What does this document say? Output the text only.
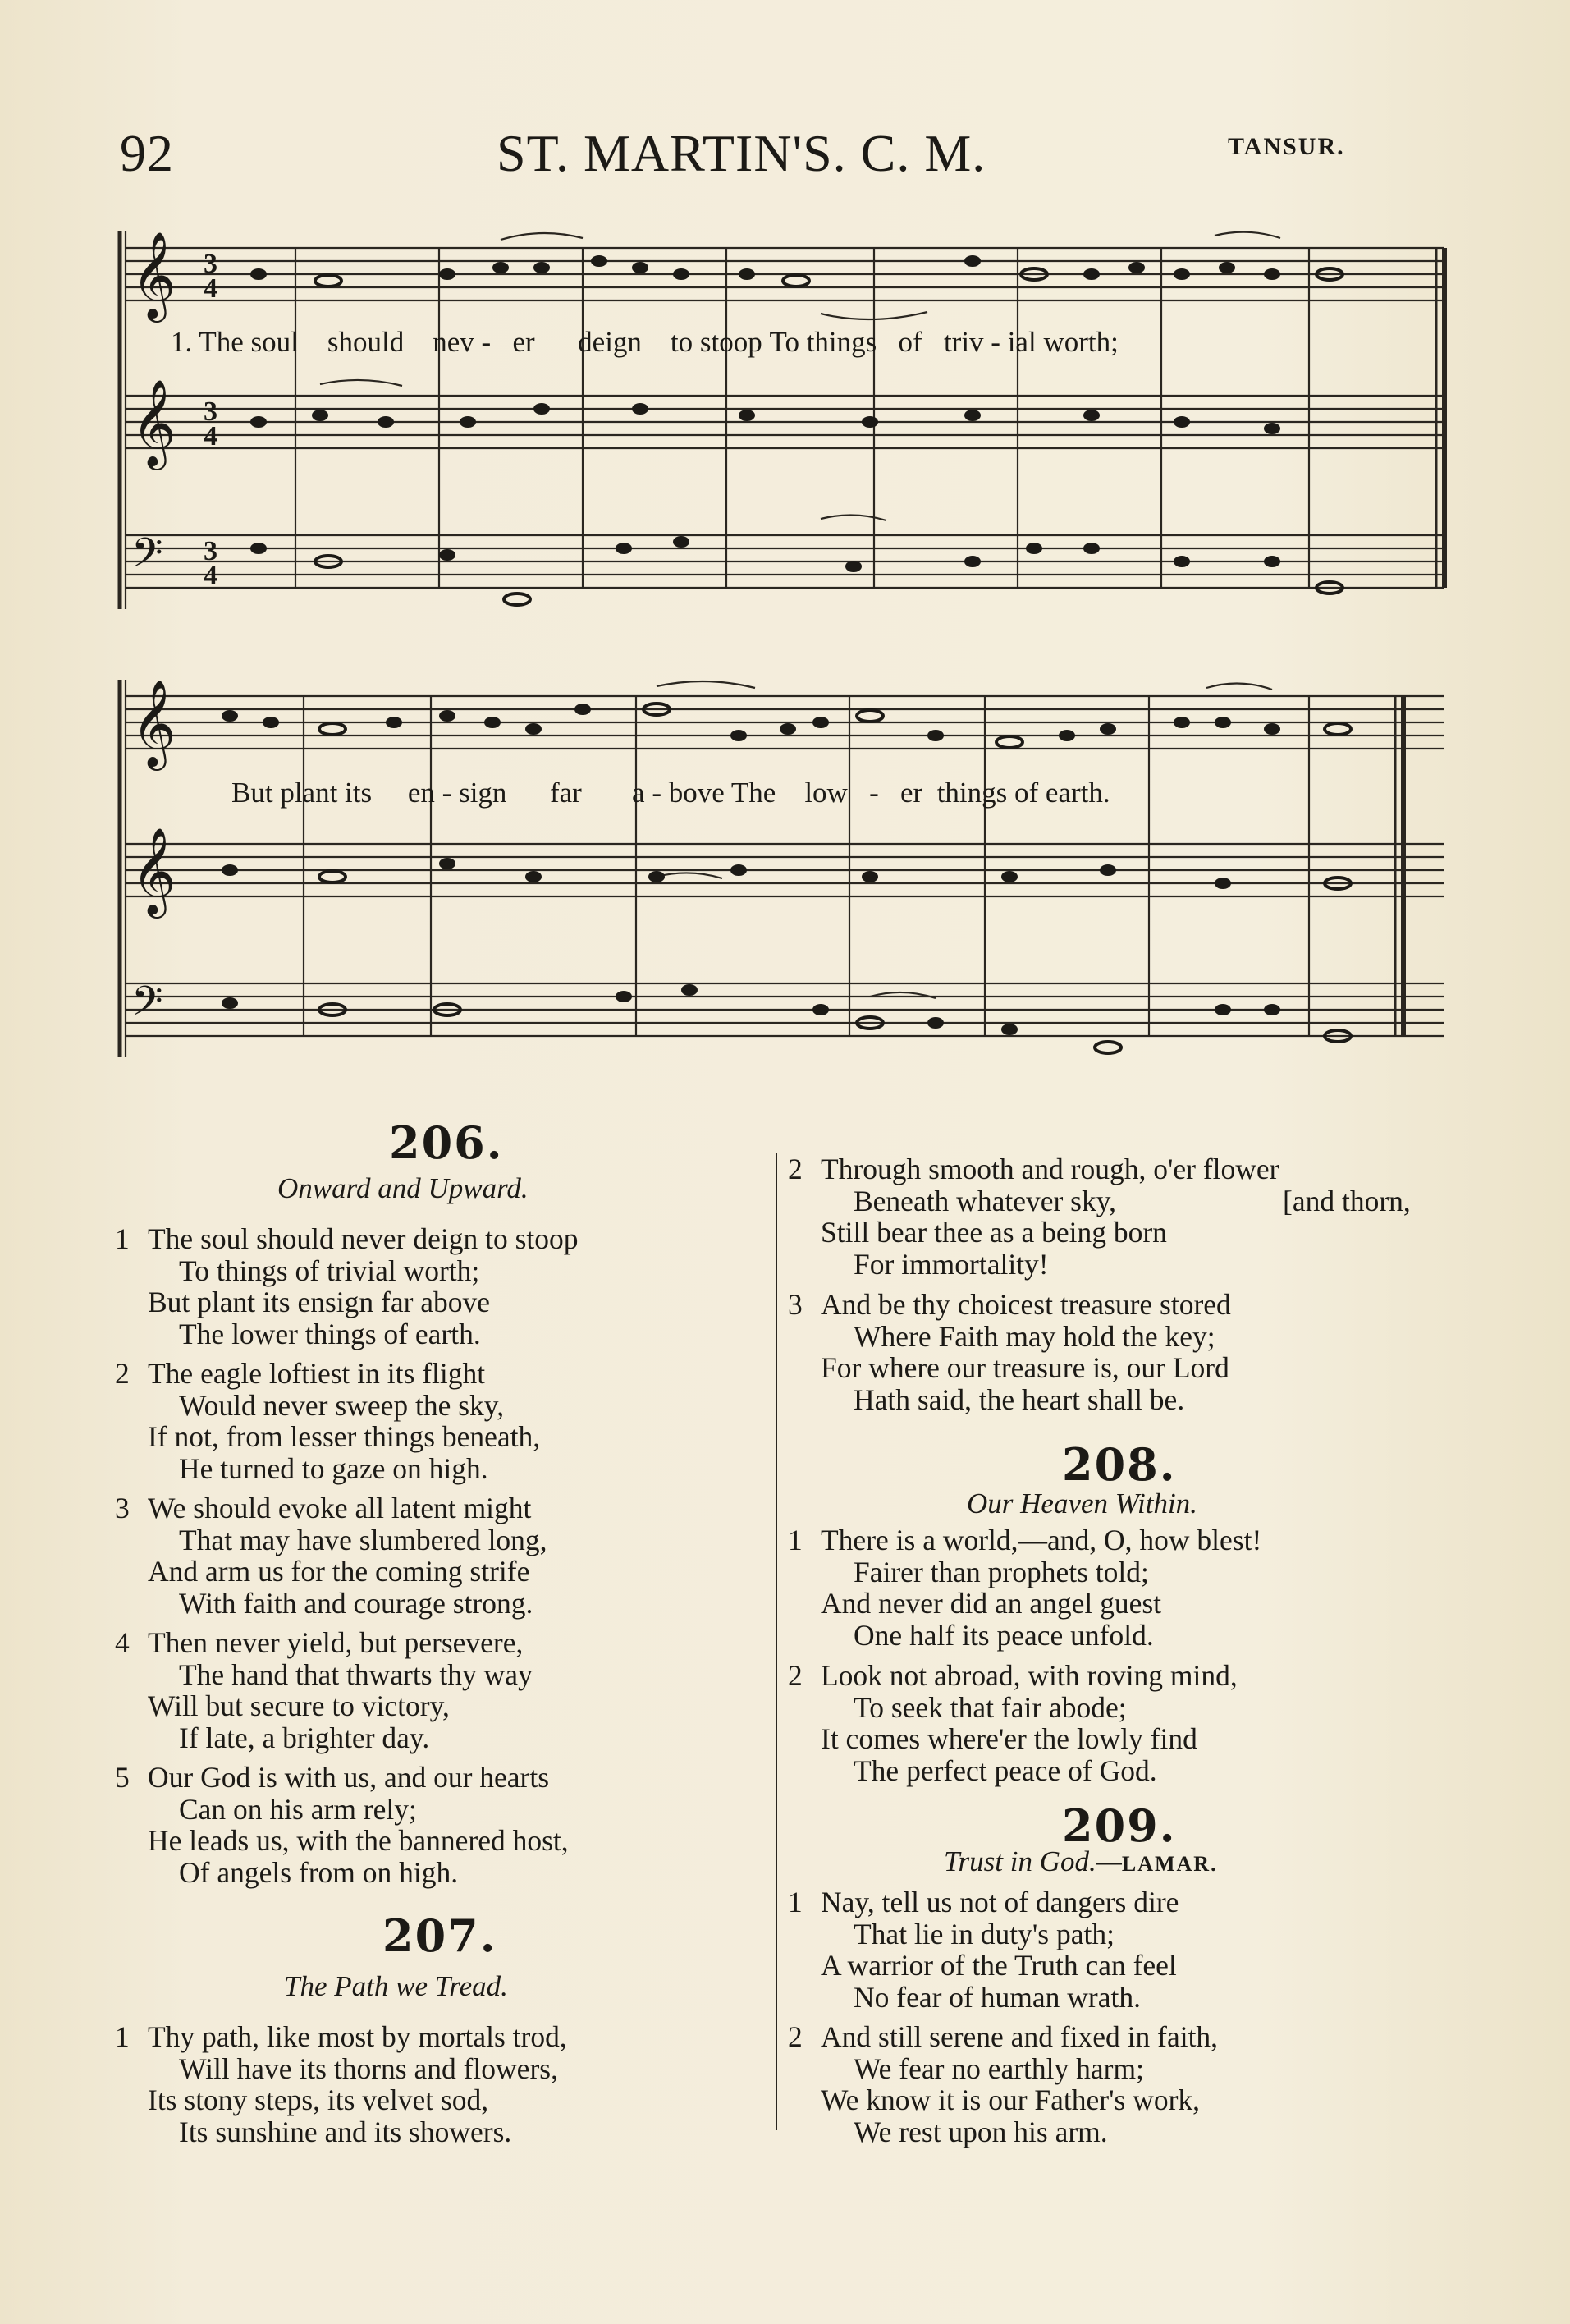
92	ST. MARTIN'S. C. M.	TANSUR.
𝄞
𝄞
𝄢
3
4
3
4
3
4
1. The soul should nev - er deign to stoop To things of triv - ial worth;
𝄞
𝄞
𝄢
But plant its en - sign far a - bove The low - er things of earth.
206.
Onward and Upward.
1 The soul should never deign to stoop
To things of trivial worth;
But plant its ensign far above
The lower things of earth.
2 The eagle loftiest in its flight
Would never sweep the sky,
If not, from lesser things beneath,
He turned to gaze on high.
3 We should evoke all latent might
That may have slumbered long,
And arm us for the coming strife
With faith and courage strong.
4 Then never yield, but persevere,
The hand that thwarts thy way
Will but secure to victory,
If late, a brighter day.
5 Our God is with us, and our hearts
Can on his arm rely;
He leads us, with the bannered host,
Of angels from on high.
207.
The Path we Tread.
1 Thy path, like most by mortals trod,
Will have its thorns and flowers,
Its stony steps, its velvet sod,
Its sunshine and its showers.
2 Through smooth and rough, o'er flower
Beneath whatever sky,	[and thorn,
Still bear thee as a being born
For immortality!
3 And be thy choicest treasure stored
Where Faith may hold the key;
For where our treasure is, our Lord
Hath said, the heart shall be.
208.
Our Heaven Within.
1 There is a world,—and, O, how blest!
Fairer than prophets told;
And never did an angel guest
One half its peace unfold.
2 Look not abroad, with roving mind,
To seek that fair abode;
It comes where'er the lowly find
The perfect peace of God.
209.
Trust in God.—LAMAR.
1 Nay, tell us not of dangers dire
That lie in duty's path;
A warrior of the Truth can feel
No fear of human wrath.
2 And still serene and fixed in faith,
We fear no earthly harm;
We know it is our Father's work,
We rest upon his arm.
